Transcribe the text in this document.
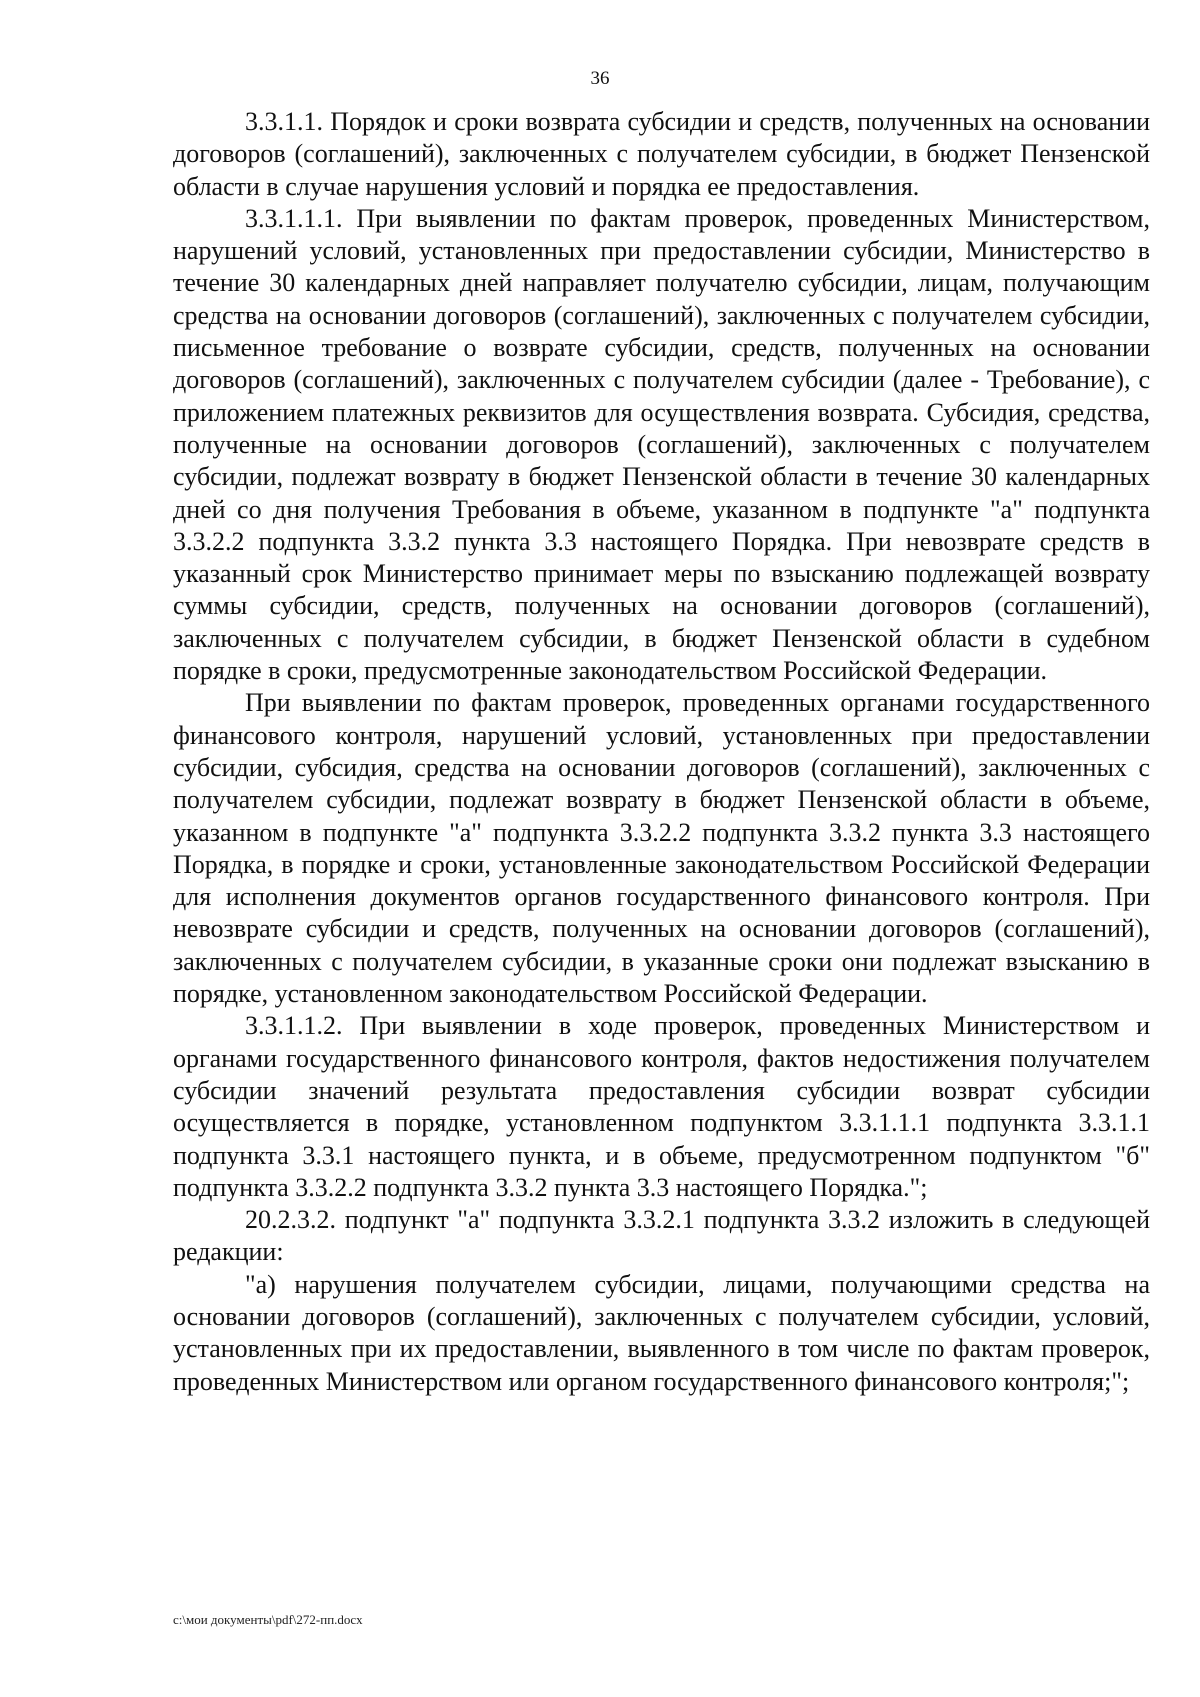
36

3.3.1.1. Порядок и сроки возврата субсидии и средств, полученных на основании договоров (соглашений), заключенных с получателем субсидии, в бюджет Пензенской области в случае нарушения условий и порядка ее предоставления.

3.3.1.1.1. При выявлении по фактам проверок, проведенных Министерством, нарушений условий, установленных при предоставлении субсидии, Министерство в течение 30 календарных дней направляет получателю субсидии, лицам, получающим средства на основании договоров (соглашений), заключенных с получателем субсидии, письменное требование о возврате субсидии, средств, полученных на основании договоров (соглашений), заключенных с получателем субсидии (далее - Требование), с приложением платежных реквизитов для осуществления возврата. Субсидия, средства, полученные на основании договоров (соглашений), заключенных с получателем субсидии, подлежат возврату в бюджет Пензенской области в течение 30 календарных дней со дня получения Требования в объеме, указанном в подпункте "а" подпункта 3.3.2.2 подпункта 3.3.2 пункта 3.3 настоящего Порядка. При невозврате средств в указанный срок Министерство принимает меры по взысканию подлежащей возврату суммы субсидии, средств, полученных на основании договоров (соглашений), заключенных с получателем субсидии, в бюджет Пензенской области в судебном порядке в сроки, предусмотренные законодательством Российской Федерации.

При выявлении по фактам проверок, проведенных органами государственного финансового контроля, нарушений условий, установленных при предоставлении субсидии, субсидия, средства на основании договоров (соглашений), заключенных с получателем субсидии, подлежат возврату в бюджет Пензенской области в объеме, указанном в подпункте "а" подпункта 3.3.2.2 подпункта 3.3.2 пункта 3.3 настоящего Порядка, в порядке и сроки, установленные законодательством Российской Федерации для исполнения документов органов государственного финансового контроля. При невозврате субсидии и средств, полученных на основании договоров (соглашений), заключенных с получателем субсидии, в указанные сроки они подлежат взысканию в порядке, установленном законодательством Российской Федерации.

3.3.1.1.2. При выявлении в ходе проверок, проведенных Министерством и органами государственного финансового контроля, фактов недостижения получателем субсидии значений результата предоставления субсидии возврат субсидии осуществляется в порядке, установленном подпунктом 3.3.1.1.1 подпункта 3.3.1.1 подпункта 3.3.1 настоящего пункта, и в объеме, предусмотренном подпунктом "б" подпункта 3.3.2.2 подпункта 3.3.2 пункта 3.3 настоящего Порядка.";

20.2.3.2. подпункт "а" подпункта 3.3.2.1 подпункта 3.3.2 изложить в следующей редакции:

"а) нарушения получателем субсидии, лицами, получающими средства на основании договоров (соглашений), заключенных с получателем субсидии, условий, установленных при их предоставлении, выявленного в том числе по фактам проверок, проведенных Министерством или органом государственного финансового контроля;";

c:\мои документы\pdf\272-пп.docx
